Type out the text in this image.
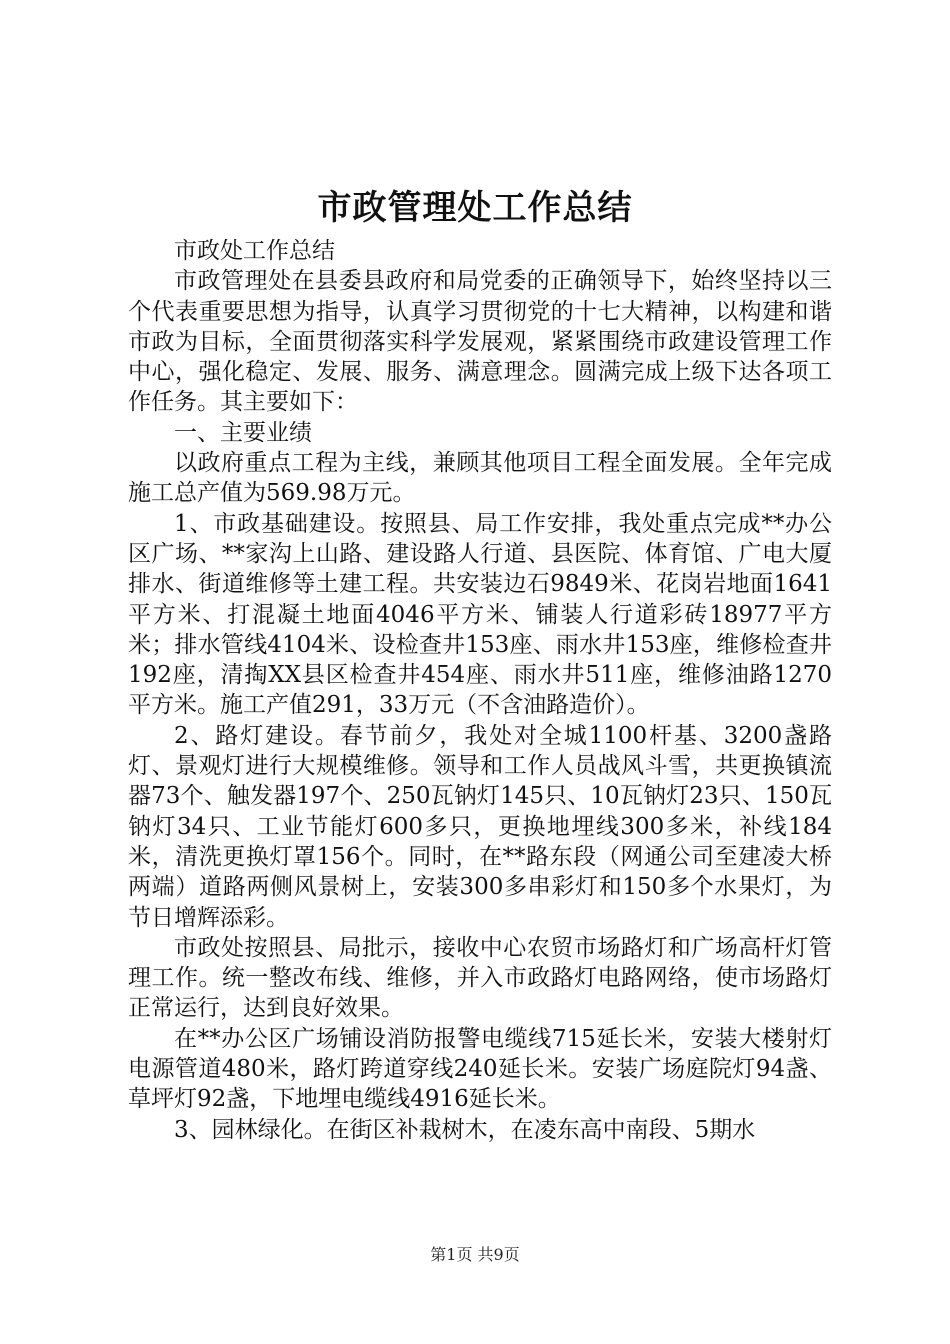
市政管理处工作总结

市政处工作总结

市政管理处在县委县政府和局党委的正确领导下，始终坚持以三个代表重要思想为指导，认真学习贯彻党的十七大精神，以构建和谐市政为目标，全面贯彻落实科学发展观，紧紧围绕市政建设管理工作中心，强化稳定、发展、服务、满意理念。圆满完成上级下达各项工作任务。其主要如下：

一、主要业绩

以政府重点工程为主线，兼顾其他项目工程全面发展。全年完成施工总产值为569.98万元。

1、市政基础建设。按照县、局工作安排，我处重点完成**办公区广场、**家沟上山路、建设路人行道、县医院、体育馆、广电大厦排水、街道维修等土建工程。共安装边石9849米、花岗岩地面1641平方米、打混凝土地面4046平方米、铺装人行道彩砖18977平方米；排水管线4104米、设检查井153座、雨水井153座，维修检查井192座，清掏XX县区检查井454座、雨水井511座，维修油路1270平方米。施工产值291，33万元（不含油路造价）。

2、路灯建设。春节前夕，我处对全城1100杆基、3200盏路灯、景观灯进行大规模维修。领导和工作人员战风斗雪，共更换镇流器73个、触发器197个、250瓦钠灯145只、10瓦钠灯23只、150瓦钠灯34只、工业节能灯600多只，更换地埋线300多米，补线184米，清洗更换灯罩156个。同时，在**路东段（网通公司至建凌大桥两端）道路两侧风景树上，安装300多串彩灯和150多个水果灯，为节日增辉添彩。

市政处按照县、局批示，接收中心农贸市场路灯和广场高杆灯管理工作。统一整改布线、维修，并入市政路灯电路网络，使市场路灯正常运行，达到良好效果。

在**办公区广场铺设消防报警电缆线715延长米，安装大楼射灯电源管道480米，路灯跨道穿线240延长米。安装广场庭院灯94盏、草坪灯92盏，下地埋电缆线4916延长米。

3、园林绿化。在街区补栽树木，在凌东高中南段、5期水

第1页 共9页
